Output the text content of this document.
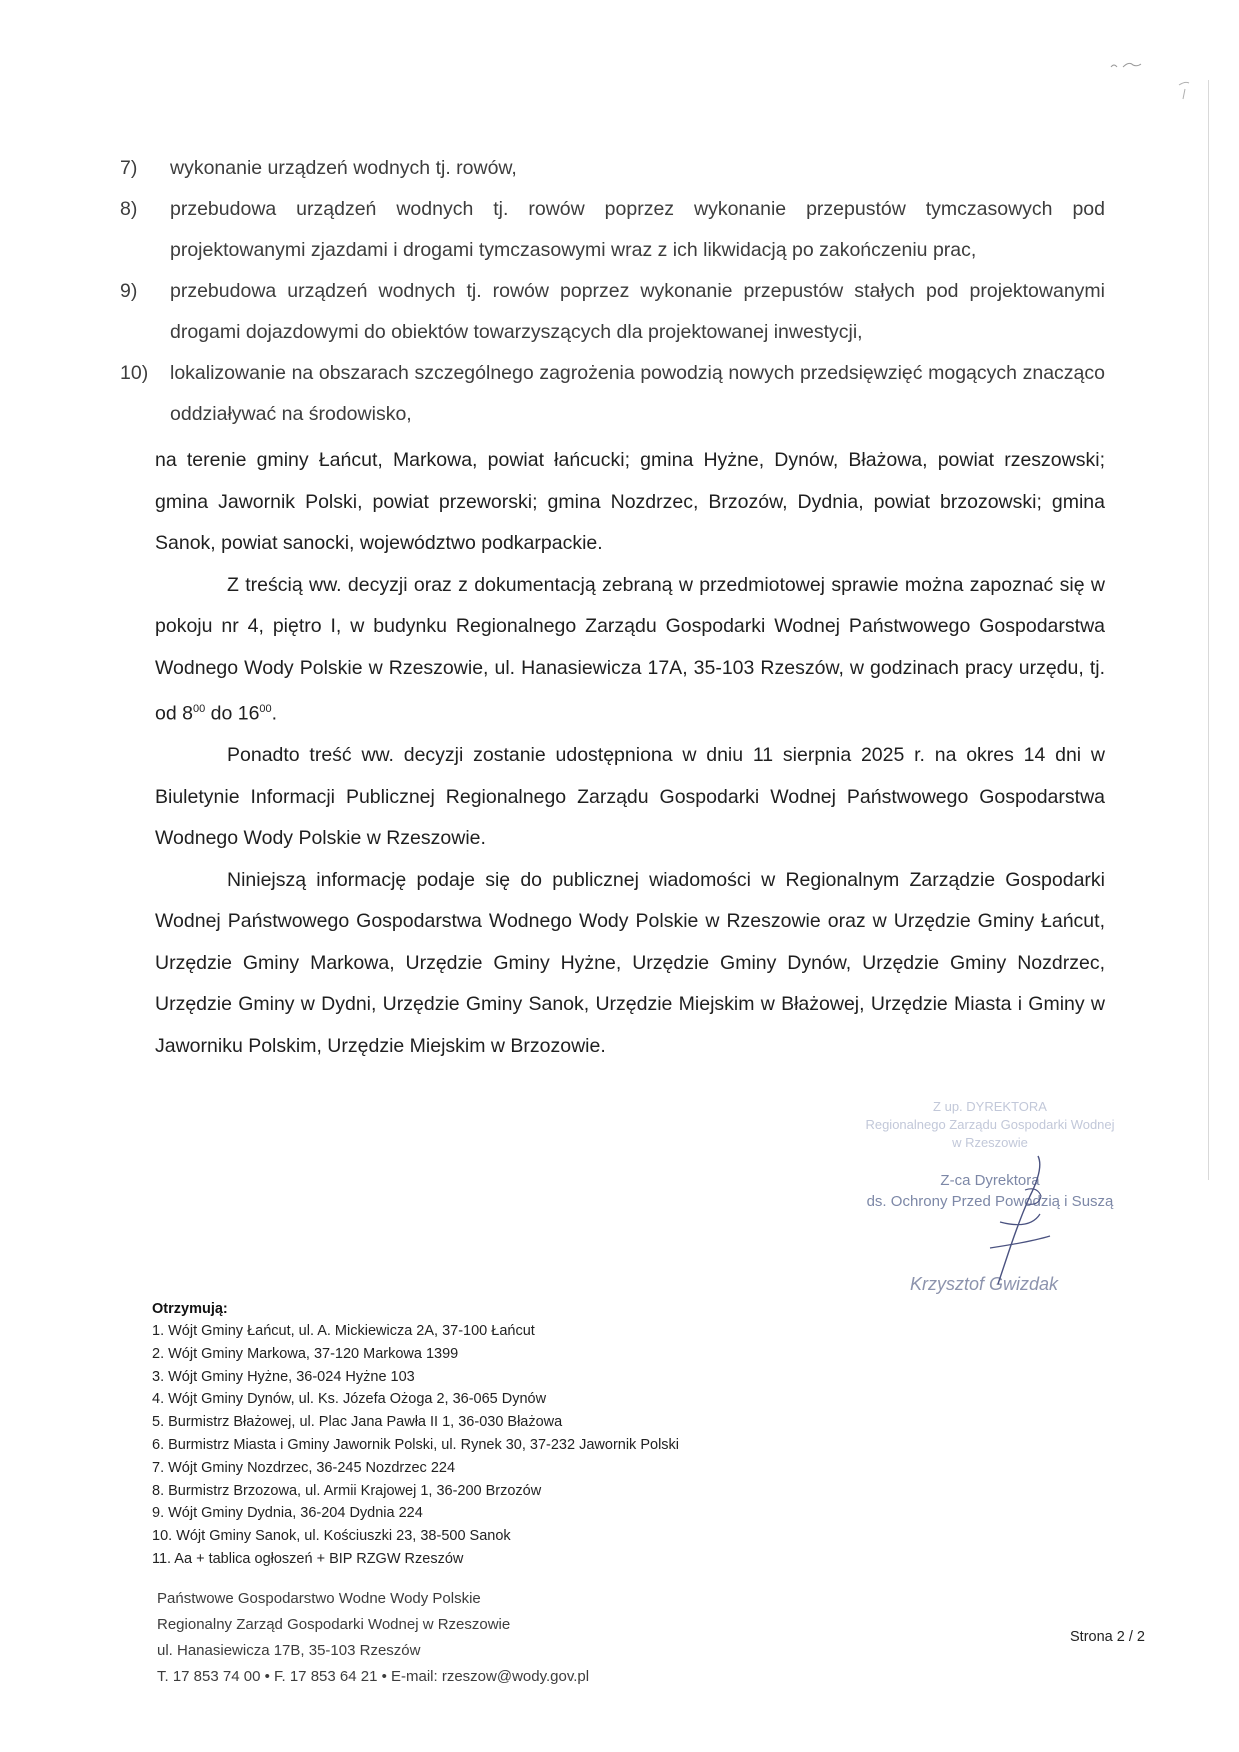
7)	wykonanie urządzeń wodnych tj. rowów,
8)	przebudowa urządzeń wodnych tj. rowów poprzez wykonanie przepustów tymczasowych pod projektowanymi zjazdami i drogami tymczasowymi wraz z ich likwidacją po zakończeniu prac,
9)	przebudowa urządzeń wodnych tj. rowów poprzez wykonanie przepustów stałych pod projektowanymi drogami dojazdowymi do obiektów towarzyszących dla projektowanej inwestycji,
10)	lokalizowanie na obszarach szczególnego zagrożenia powodzią nowych przedsięwzięć mogących znacząco oddziaływać na środowisko,

na terenie gminy Łańcut, Markowa, powiat łańcucki; gmina Hyżne, Dynów, Błażowa, powiat rzeszowski; gmina Jawornik Polski, powiat przeworski; gmina Nozdrzec, Brzozów, Dydnia, powiat brzozowski; gmina Sanok, powiat sanocki, województwo podkarpackie.

Z treścią ww. decyzji oraz z dokumentacją zebraną w przedmiotowej sprawie można zapoznać się w pokoju nr 4, piętro I, w budynku Regionalnego Zarządu Gospodarki Wodnej Państwowego Gospodarstwa Wodnego Wody Polskie w Rzeszowie, ul. Hanasiewicza 17A, 35-103 Rzeszów, w godzinach pracy urzędu, tj. od $8^{00}$ do $16^{00}$.

Ponadto treść ww. decyzji zostanie udostępniona w dniu 11 sierpnia 2025 r. na okres 14 dni w Biuletynie Informacji Publicznej Regionalnego Zarządu Gospodarki Wodnej Państwowego Gospodarstwa Wodnego Wody Polskie w Rzeszowie.

Niniejszą informację podaje się do publicznej wiadomości w Regionalnym Zarządzie Gospodarki Wodnej Państwowego Gospodarstwa Wodnego Wody Polskie w Rzeszowie oraz w Urzędzie Gminy Łańcut, Urzędzie Gminy Markowa, Urzędzie Gminy Hyżne, Urzędzie Gminy Dynów, Urzędzie Gminy Nozdrzec, Urzędzie Gminy w Dydni, Urzędzie Gminy Sanok, Urzędzie Miejskim w Błażowej, Urzędzie Miasta i Gminy w Jaworniku Polskim, Urzędzie Miejskim w Brzozowie.

Z up. DYREKTORA
Regionalnego Zarządu Gospodarki Wodnej
w Rzeszowie
Z-ca Dyrektora
ds. Ochrony Przed Powodzią i Suszą
Krzysztof Gwizdak
Otrzymują:
1. Wójt Gminy Łańcut, ul. A. Mickiewicza 2A, 37-100 Łańcut
2. Wójt Gminy Markowa, 37-120 Markowa 1399
3. Wójt Gminy Hyżne, 36-024 Hyżne 103
4. Wójt Gminy Dynów, ul. Ks. Józefa Ożoga 2, 36-065 Dynów
5. Burmistrz Błażowej, ul. Plac Jana Pawła II 1, 36-030 Błażowa
6. Burmistrz Miasta i Gminy Jawornik Polski, ul. Rynek 30, 37-232 Jawornik Polski
7. Wójt Gminy Nozdrzec, 36-245 Nozdrzec 224
8. Burmistrz Brzozowa, ul. Armii Krajowej 1, 36-200 Brzozów
9. Wójt Gminy Dydnia, 36-204 Dydnia 224
10. Wójt Gminy Sanok, ul. Kościuszki 23, 38-500 Sanok
11. Aa + tablica ogłoszeń + BIP RZGW Rzeszów
Państwowe Gospodarstwo Wodne Wody Polskie
Regionalny Zarząd Gospodarki Wodnej w Rzeszowie
ul. Hanasiewicza 17B, 35-103 Rzeszów
T. 17 853 74 00 • F. 17 853 64 21 • E-mail: rzeszow@wody.gov.pl
Strona 2 / 2
